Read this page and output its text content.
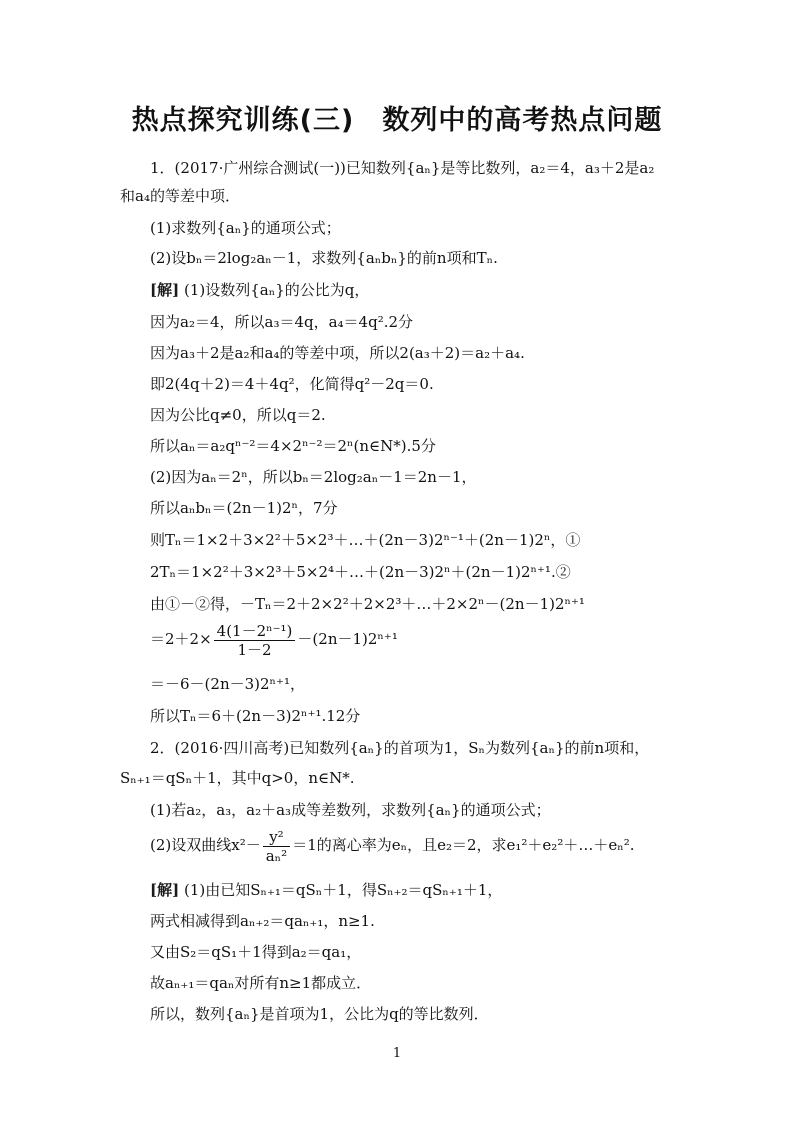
热点探究训练(三)　数列中的高考热点问题
1．(2017·广州综合测试(一))已知数列{aₙ}是等比数列，a₂＝4，a₃＋2是a₂
和a₄的等差中项．
(1)求数列{aₙ}的通项公式；
(2)设bₙ＝2log₂aₙ－1，求数列{aₙbₙ}的前n项和Tₙ.
[解] (1)设数列{aₙ}的公比为q，
因为a₂＝4，所以a₃＝4q，a₄＝4q².2分
因为a₃＋2是a₂和a₄的等差中项，所以2(a₃＋2)＝a₂＋a₄.
即2(4q＋2)＝4＋4q²，化简得q²－2q＝0.
因为公比q≠0，所以q＝2.
所以aₙ＝a₂qⁿ⁻²＝4×2ⁿ⁻²＝2ⁿ(n∈N*).5分
(2)因为aₙ＝2ⁿ，所以bₙ＝2log₂aₙ－1＝2n－1，
所以aₙbₙ＝(2n－1)2ⁿ，7分
则Tₙ＝1×2＋3×2²＋5×2³＋…＋(2n－3)2ⁿ⁻¹＋(2n－1)2ⁿ，①
2Tₙ＝1×2²＋3×2³＋5×2⁴＋…＋(2n－3)2ⁿ＋(2n－1)2ⁿ⁺¹.②
由①－②得，－Tₙ＝2＋2×2²＋2×2³＋…＋2×2ⁿ－(2n－1)2ⁿ⁺¹
$=2+2\times \frac{\text{4(1－2ⁿ⁻¹)}}{1-2} -(2n-1)2^{n+1}$
＝－6－(2n－3)2ⁿ⁺¹，
所以Tₙ＝6＋(2n－3)2ⁿ⁺¹.12分
2．(2016·四川高考)已知数列{aₙ}的首项为1，Sₙ为数列{aₙ}的前n项和，
Sₙ₊₁＝qSₙ＋1，其中q>0，n∈N*.
(1)若a₂，a₃，a₂＋a₃成等差数列，求数列{aₙ}的通项公式；
(2)设双曲线$x^2- \frac{\text{y²}}{\text{aₙ²}} =1$的离心率为eₙ，且e₂＝2，求e₁²＋e₂²＋…＋eₙ².
[解] (1)由已知Sₙ₊₁＝qSₙ＋1，得Sₙ₊₂＝qSₙ₊₁＋1，
两式相减得到aₙ₊₂＝qaₙ₊₁，n≥1.
又由S₂＝qS₁＋1得到a₂＝qa₁，
故aₙ₊₁＝qaₙ对所有n≥1都成立．
所以，数列{aₙ}是首项为1，公比为q的等比数列．
1
